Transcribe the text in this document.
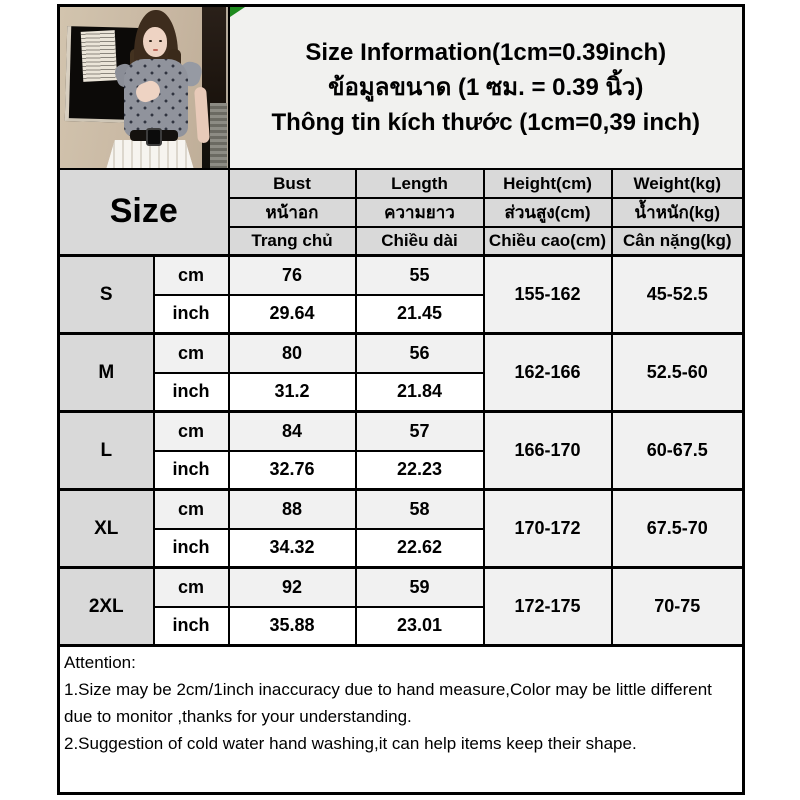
		Size Information(1cm=0.39inch)
ข้อมูลขนาด (1 ซม. = 0.39 นิ้ว)
Thông tin kích thước (1cm=0,39 inch)			

Size		Bust	Length	Height(cm)	Weight(kg)
		หน้าอก	ความยาว	ส่วนสูง(cm)	น้ำหนัก(kg)
		Trang chủ	Chiều dài	Chiều cao(cm)	Cân nặng(kg)
S	cm	76	55	155-162	45-52.5
	inch	29.64	21.45		
M	cm	80	56	162-166	52.5-60
	inch	31.2	21.84		
L	cm	84	57	166-170	60-67.5
	inch	32.76	22.23		
XL	cm	88	58	170-172	67.5-70
	inch	34.32	22.62		
2XL	cm	92	59	172-175	70-75
	inch	35.88	23.01		

Attention:
1.Size may be 2cm/1inch inaccuracy due to hand measure,Color may be little different due to monitor ,thanks for your understanding.
2.Suggestion of cold water hand washing,it can help items keep their shape.					
